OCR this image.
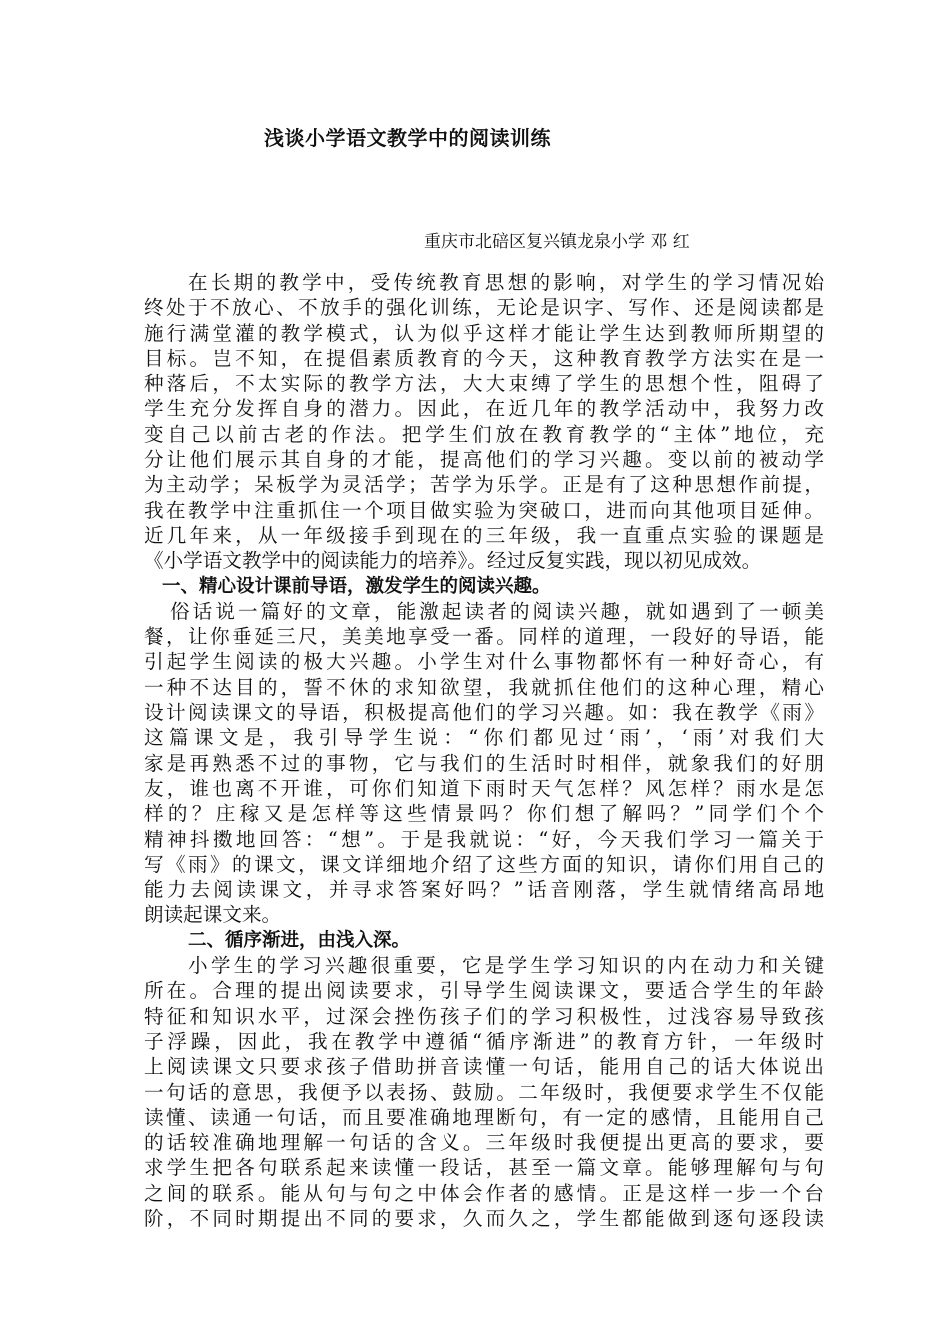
浅谈小学语文教学中的阅读训练

重庆市北碚区复兴镇龙泉小学 邓 红

在长期的教学中，受传统教育思想的影响，对学生的学习情况始
终处于不放心、不放手的强化训练，无论是识字、写作、还是阅读都是
施行满堂灌的教学模式，认为似乎这样才能让学生达到教师所期望的
目标。岂不知，在提倡素质教育的今天，这种教育教学方法实在是一
种落后，不太实际的教学方法，大大束缚了学生的思想个性，阻碍了
学生充分发挥自身的潜力。因此，在近几年的教学活动中，我努力改
变自己以前古老的作法。把学生们放在教育教学的“主体”地位，充
分让他们展示其自身的才能，提高他们的学习兴趣。变以前的被动学
为主动学；呆板学为灵活学；苦学为乐学。正是有了这种思想作前提，
我在教学中注重抓住一个项目做实验为突破口，进而向其他项目延伸。
近几年来，从一年级接手到现在的三年级，我一直重点实验的课题是
《小学语文教学中的阅读能力的培养》。经过反复实践，现以初见成效。
一、精心设计课前导语，激发学生的阅读兴趣。
俗话说一篇好的文章，能激起读者的阅读兴趣，就如遇到了一顿美
餐，让你垂延三尺，美美地享受一番。同样的道理，一段好的导语，能
引起学生阅读的极大兴趣。小学生对什么事物都怀有一种好奇心，有
一种不达目的，誓不休的求知欲望，我就抓住他们的这种心理，精心
设计阅读课文的导语，积极提高他们的学习兴趣。如：我在教学《雨》
这篇课文是，我引导学生说：“你们都见过‘雨’，‘雨’对我们大
家是再熟悉不过的事物，它与我们的生活时时相伴，就象我们的好朋
友，谁也离不开谁，可你们知道下雨时天气怎样？风怎样？雨水是怎
样的？庄稼又是怎样等这些情景吗？你们想了解吗？”同学们个个
精神抖擞地回答：“想”。于是我就说：“好，今天我们学习一篇关于
写《雨》的课文，课文详细地介绍了这些方面的知识，请你们用自己的
能力去阅读课文，并寻求答案好吗？”话音刚落，学生就情绪高昂地
朗读起课文来。
二、循序渐进，由浅入深。
小学生的学习兴趣很重要，它是学生学习知识的内在动力和关键
所在。合理的提出阅读要求，引导学生阅读课文，要适合学生的年龄
特征和知识水平，过深会挫伤孩子们的学习积极性，过浅容易导致孩
子浮躁，因此，我在教学中遵循“循序渐进”的教育方针，一年级时
上阅读课文只要求孩子借助拼音读懂一句话，能用自己的话大体说出
一句话的意思，我便予以表扬、鼓励。二年级时，我便要求学生不仅能
读懂、读通一句话，而且要准确地理断句，有一定的感情，且能用自己
的话较准确地理解一句话的含义。三年级时我便提出更高的要求，要
求学生把各句联系起来读懂一段话，甚至一篇文章。能够理解句与句
之间的联系。能从句与句之中体会作者的感情。正是这样一步一个台
阶，不同时期提出不同的要求，久而久之，学生都能做到逐句逐段读
